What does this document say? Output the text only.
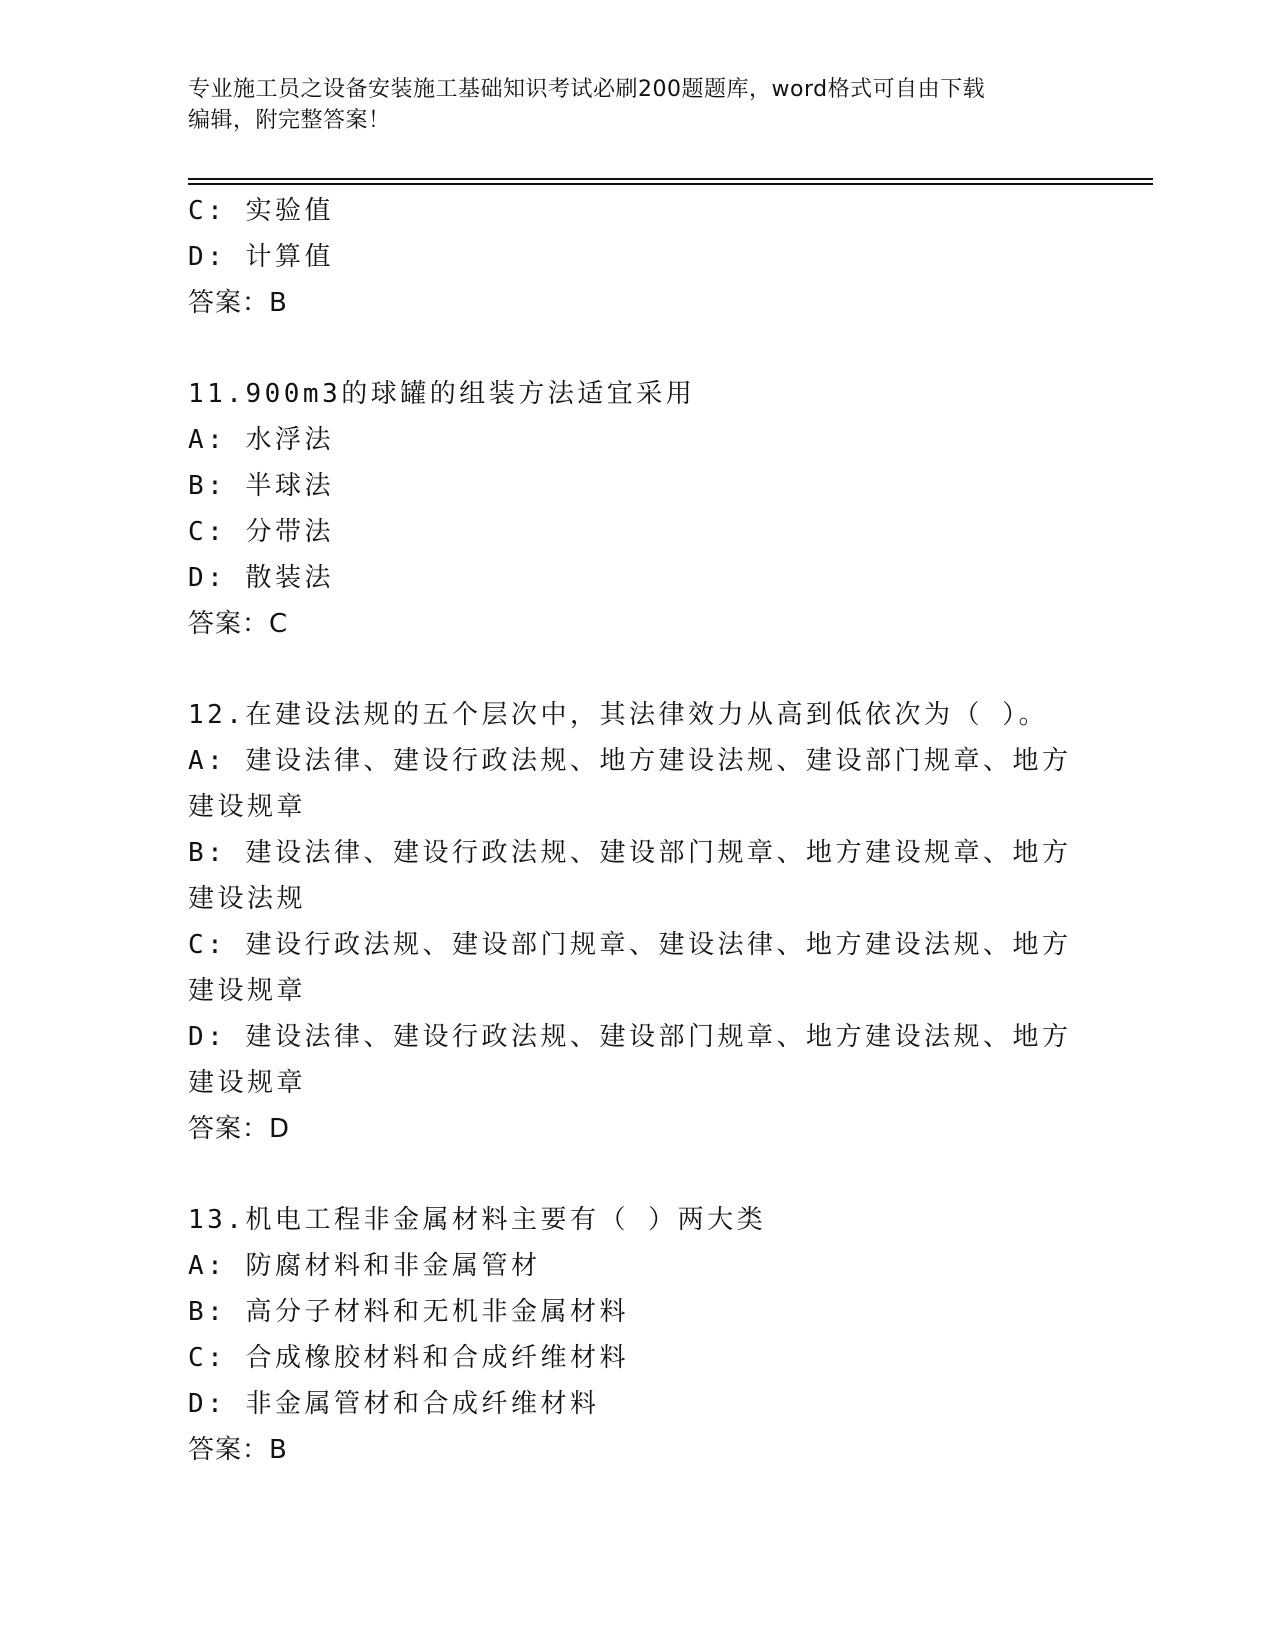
专业施工员之设备安装施工基础知识考试必刷200题题库，word格式可自由下载
编辑，附完整答案！
C: 实验值
D: 计算值
答案：B
11.900m3的球罐的组装方法适宜采用
A: 水浮法
B: 半球法
C: 分带法
D: 散装法
答案：C
12.在建设法规的五个层次中，其法律效力从高到低依次为（ ）。
A: 建设法律、建设行政法规、地方建设法规、建设部门规章、地方建设规章
B: 建设法律、建设行政法规、建设部门规章、地方建设规章、地方建设法规
C: 建设行政法规、建设部门规章、建设法律、地方建设法规、地方建设规章
D: 建设法律、建设行政法规、建设部门规章、地方建设法规、地方建设规章
答案：D
13.机电工程非金属材料主要有（ ）两大类
A: 防腐材料和非金属管材
B: 高分子材料和无机非金属材料
C: 合成橡胶材料和合成纤维材料
D: 非金属管材和合成纤维材料
答案：B
